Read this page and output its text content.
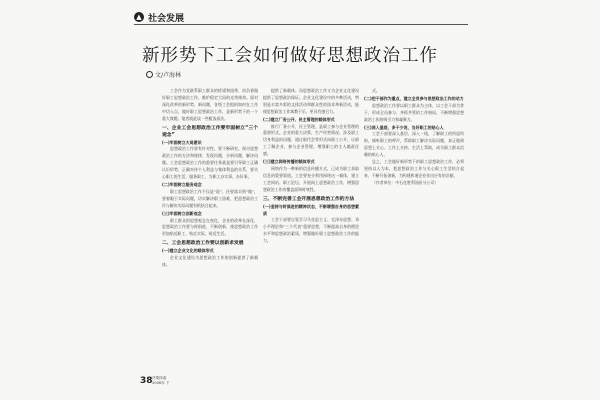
▲ 社会发展
新形势下工会如何做好思想政治工作
文/卢海林

工会作为党联系职工群众的桥梁和纽带，肩负着做好职工思想政治工作，维护稳定大局的光荣使命。面对深化改革的新形势、新问题，各级工会组织如何在工作中切入点，做好职工思想政治工作，是新形势下的一个重大课题。笔者就此谈一些粗浅看法。

一、企业工会思想政治工作要牢固树立“三个观念”
(一)牢固树立大局意识

思想政治工作要有针对性，要不断研究、探讨思想政治工作的方法和规律，发现问题，分析问题，解决问题。工会思想政治工作的重要任务就是要引导职工正确认识形势，正确对待个人利益与集体利益的关系，要关心职工的生活，服务职工，为职工办实事、办好事。

(二)牢固树立服务观念

职工思想政治工作不仅是“说”，还要落实到“做”，要着眼于实际问题，切实解决职工困难，把思想政治工作与解决实际问题有机结合起来。

(三)牢固树立创新观念

职工群众的思想观念在变化，企业的改革在深化，思想政治工作要与时俱进，不断创新，使思想政治工作更加贴近职工、贴近实际、贴近生活。

二、工会思想政治工作要以创新求发展
(一)建立企业文化的载体形式

企业文化建设为思想政治工作的创新提供了新载体。

提供了新载体。而思想政治工作又为企业文化建设提供了思想政治保证。企业文化建设中的多种活动，特别是丰富多彩的文体活动和群众性的技术革新活动，能使思想政治工作寓教于乐，更具有感召力。

(二)建立厂务公开、民主管理的载体形式

推行厂务公开，民主管理，是职工参与企业管理的重要形式。企业的重大决策、生产经营情况、涉及职工切身利益的问题，通过职代会等形式向职工公开，让职工了解企业，参与企业管理，增强职工的主人翁责任感。

(三)建立网络传播的载体形式

网络作为一种新的信息传播方式，已成为职工获取信息的重要渠道。工会要充分利用网络这一载体，建立工会网站、职工论坛，开展网上思想政治工作，增强思想政治工作的覆盖面和时效性。

三、不断完善工会开展思想政治工作的方法
(一)坚持与时俱进的精神状态，不断增强自身的思想素质

工会干部要自觉学习马克思主义、毛泽东思想、邓小平理论和“三个代表”重要思想，不断提高自身的理论水平和思想政治素质，增强做好职工思想政治工作的能力。

式。

(二)把干部作为重点，建立全员参与思想政治工作的动力

思想政治工作要以职工群众为主体，以工会干部为骨干，形成全员参与、齐抓共管的工作格局，不断增强思想政治工作的吸引力和凝聚力。

(三)深入基层，多干少说，当好职工的贴心人

工会干部要深入基层、深入一线，了解职工的所思所盼，倾听职工的呼声，帮助职工解决实际问题，真正做到思想上关心、工作上支持、生活上帮助，成为职工群众信赖的贴心人。

总之，工会做好新形势下的职工思想政治工作，必须坚持以人为本，把思想政治工作与关心职工生活结合起来，不断开拓创新，为构建和谐企业作出应有的贡献。

（作者单位：中石化胜利油田分公司）

38 决策探索
2006年 下
